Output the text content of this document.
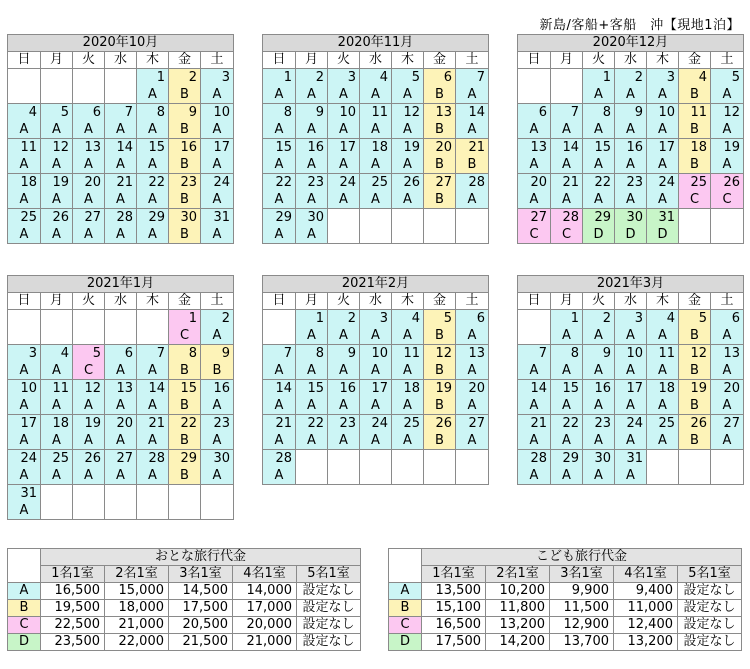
新島/客船+客船　沖【現地1泊】
2020年10月						
日	月	火	水	木	金	土
				1	2	3
				A	B	A
4	5	6	7	8	9	10
A	A	A	A	A	B	A
11	12	13	14	15	16	17
A	A	A	A	A	B	A
18	19	20	21	22	23	24
A	A	A	A	A	B	A
25	26	27	28	29	30	31
A	A	A	A	A	B	A
2020年11月						
日	月	火	水	木	金	土
1	2	3	4	5	6	7
A	A	A	A	A	B	A
8	9	10	11	12	13	14
A	A	A	A	A	B	A
15	16	17	18	19	20	21
A	A	A	A	A	B	B
22	23	24	25	26	27	28
A	A	A	A	A	B	A
29	30					
A	A					
2020年12月						
日	月	火	水	木	金	土
		1	2	3	4	5
		A	A	A	B	A
6	7	8	9	10	11	12
A	A	A	A	A	B	A
13	14	15	16	17	18	19
A	A	A	A	A	B	A
20	21	22	23	24	25	26
A	A	A	A	A	C	C
27	28	29	30	31		
C	C	D	D	D		
2021年1月						
日	月	火	水	木	金	土
					1	2
					C	A
3	4	5	6	7	8	9
A	A	C	A	A	B	B
10	11	12	13	14	15	16
A	A	A	A	A	B	A
17	18	19	20	21	22	23
A	A	A	A	A	B	A
24	25	26	27	28	29	30
A	A	A	A	A	B	A
31						
A						
2021年2月						
日	月	火	水	木	金	土
	1	2	3	4	5	6
	A	A	A	A	B	A
7	8	9	10	11	12	13
A	A	A	A	A	B	A
14	15	16	17	18	19	20
A	A	A	A	A	B	A
21	22	23	24	25	26	27
A	A	A	A	A	B	A
28						
A						
2021年3月						
日	月	火	水	木	金	土
	1	2	3	4	5	6
	A	A	A	A	B	A
7	8	9	10	11	12	13
A	A	A	A	A	B	A
14	15	16	17	18	19	20
A	A	A	A	A	B	A
21	22	23	24	25	26	27
A	A	A	A	A	B	A
28	29	30	31			
A	A	A	A			
	おとな旅行代金				
	1名1室	2名1室	3名1室	4名1室	5名1室
A	16,500	15,000	14,500	14,000	設定なし
B	19,500	18,000	17,500	17,000	設定なし
C	22,500	21,000	20,500	20,000	設定なし
D	23,500	22,000	21,500	21,000	設定なし
	こども旅行代金				
	1名1室	2名1室	3名1室	4名1室	5名1室
A	13,500	10,200	9,900	9,400	設定なし
B	15,100	11,800	11,500	11,000	設定なし
C	16,500	13,200	12,900	12,400	設定なし
D	17,500	14,200	13,700	13,200	設定なし
